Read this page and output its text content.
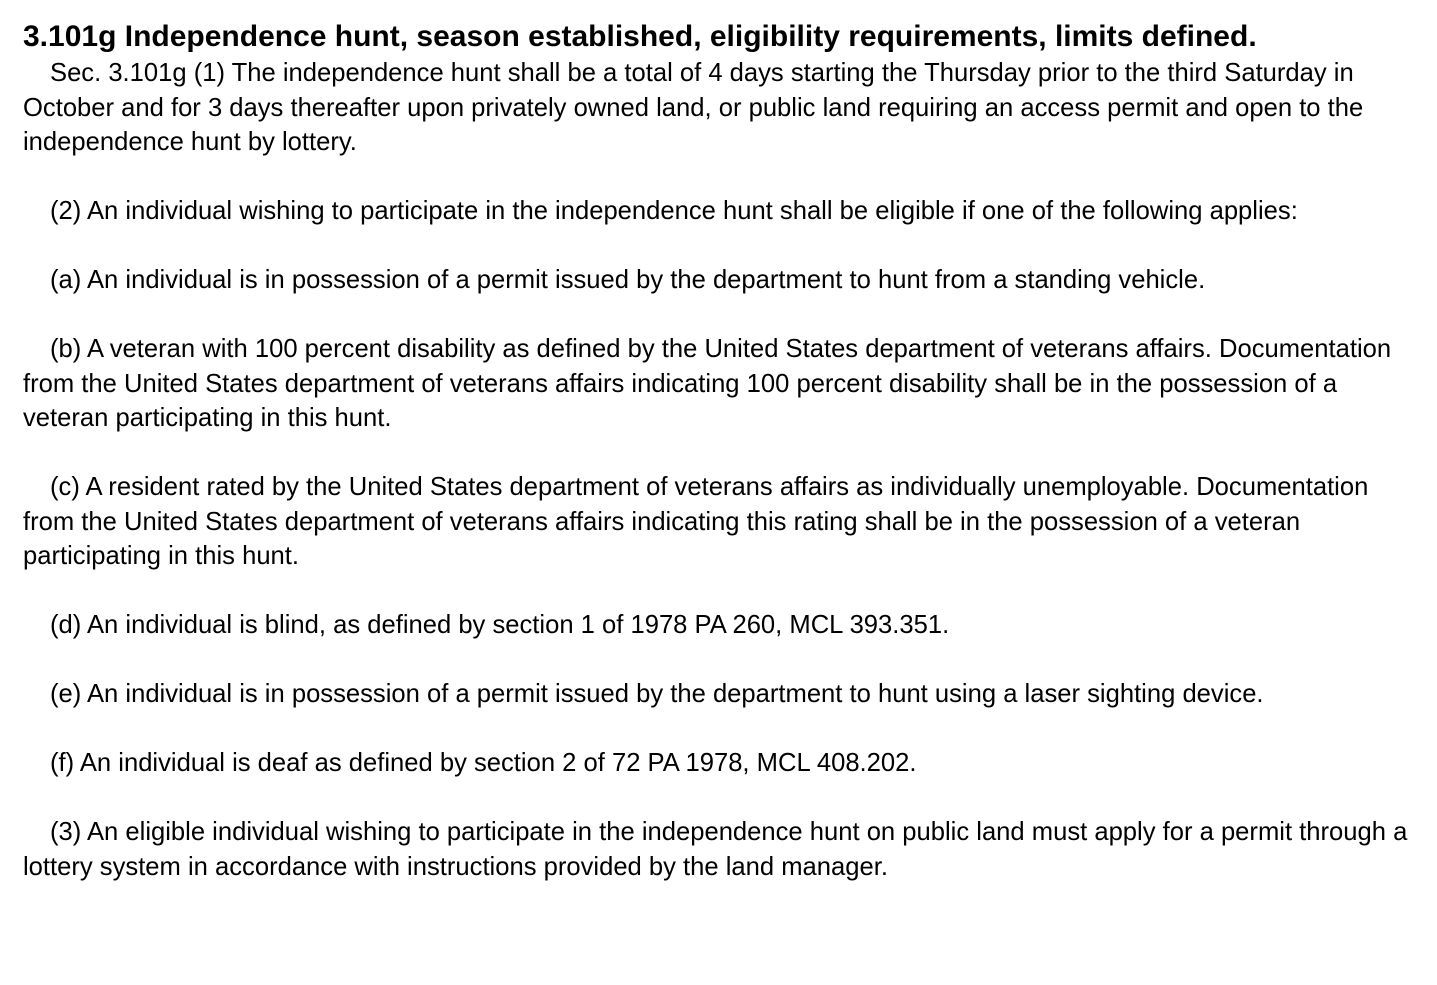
3.101g Independence hunt, season established, eligibility requirements, limits defined.

Sec. 3.101g (1) The independence hunt shall be a total of 4 days starting the Thursday prior to the third Saturday in October and for 3 days thereafter upon privately owned land, or public land requiring an access permit and open to the independence hunt by lottery.

(2) An individual wishing to participate in the independence hunt shall be eligible if one of the following applies:

(a) An individual is in possession of a permit issued by the department to hunt from a standing vehicle.

(b) A veteran with 100 percent disability as defined by the United States department of veterans affairs. Documentation from the United States department of veterans affairs indicating 100 percent disability shall be in the possession of a veteran participating in this hunt.

(c) A resident rated by the United States department of veterans affairs as individually unemployable. Documentation from the United States department of veterans affairs indicating this rating shall be in the possession of a veteran participating in this hunt.

(d) An individual is blind, as defined by section 1 of 1978 PA 260, MCL 393.351.

(e) An individual is in possession of a permit issued by the department to hunt using a laser sighting device.

(f) An individual is deaf as defined by section 2 of 72 PA 1978, MCL 408.202.

(3) An eligible individual wishing to participate in the independence hunt on public land must apply for a permit through a lottery system in accordance with instructions provided by the land manager.
